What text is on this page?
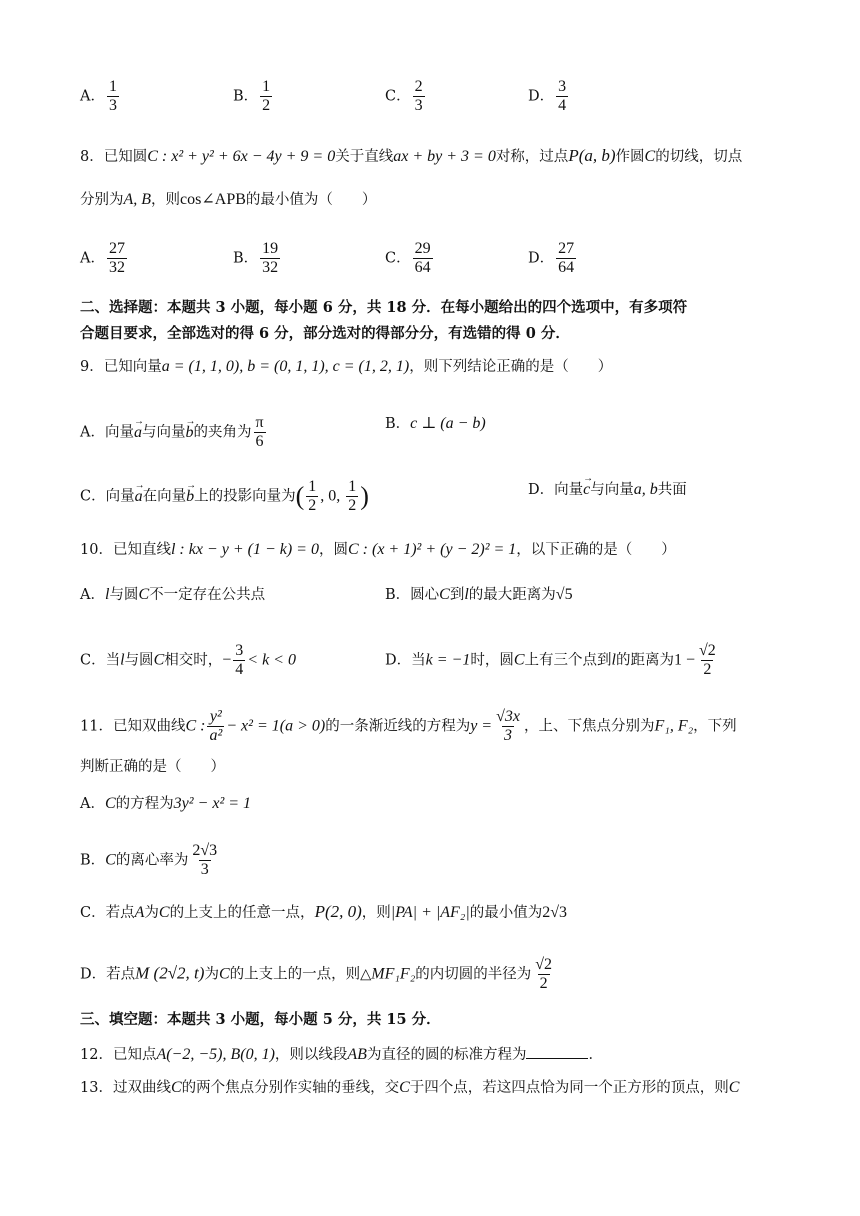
A． $\frac{1}{3}$	B． $\frac{1}{2}$	C． $\frac{2}{3}$	D． $\frac{3}{4}$
8．已知圆C : x² + y² + 6x − 4y + 9 = 0关于直线ax + by + 3 = 0对称，过点P(a, b)作圆C的切线，切点
分别为A, B，则cos∠APB的最小值为（　　）
A． $\frac{27}{32}$	B． $\frac{19}{32}$	C． $\frac{29}{64}$	D． $\frac{27}{64}$
二、选择题：本题共 3 小题，每小题 6 分，共 18 分．在每小题给出的四个选项中，有多项符
合题目要求，全部选对的得 6 分，部分选对的得部分分，有选错的得 0 分．
9．已知向量a = (1, 1, 0), b = (0, 1, 1), c = (1, 2, 1)，则下列结论正确的是（　　）
A．向量→ a与向量→ b的夹角为 $\frac{\pi}{6}$	B．c ⊥ (a − b)
C．向量→ a在向量→ b上的投影向量为( $\frac{1}{2}$ , 0, $\frac{1}{2}$ )	D．向量→ c与向量a, b共面
10．已知直线l : kx − y + (1 − k) = 0，圆C : (x + 1)² + (y − 2)² = 1，以下正确的是（　　）
A．l与圆C不一定存在公共点	B．圆心C到l的最大距离为√5
C．当l与圆C相交时，− $\frac{3}{4} < k < 0$	D．当k = −1时，圆C上有三个点到l的距离为$1 - \frac{√2}{2}$
11．已知双曲线C : $\frac{\text{y²}}{\text{a²}} - x^2 = 1(a > 0)$的一条渐近线的方程为$y = \frac{√3x}{3}$ ，上、下焦点分别为F₁, F₂，下列
判断正确的是（　　）
A．C的方程为3y² − x² = 1
B．C的离心率为 $\frac{2√3}{3}$
C．若点A为C的上支上的任意一点，P(2, 0)，则|PA| + |AF₂|的最小值为2√3
D．若点M (2√2, t)为C的上支上的一点，则△MF₁F₂的内切圆的半径为 $\frac{√2}{2}$
三、填空题：本题共 3 小题，每小题 5 分，共 15 分．
12．已知点A(−2, −5), B(0, 1)，则以线段AB为直径的圆的标准方程为	．
13．过双曲线C的两个焦点分别作实轴的垂线，交C于四个点，若这四点恰为同一个正方形的顶点，则C
